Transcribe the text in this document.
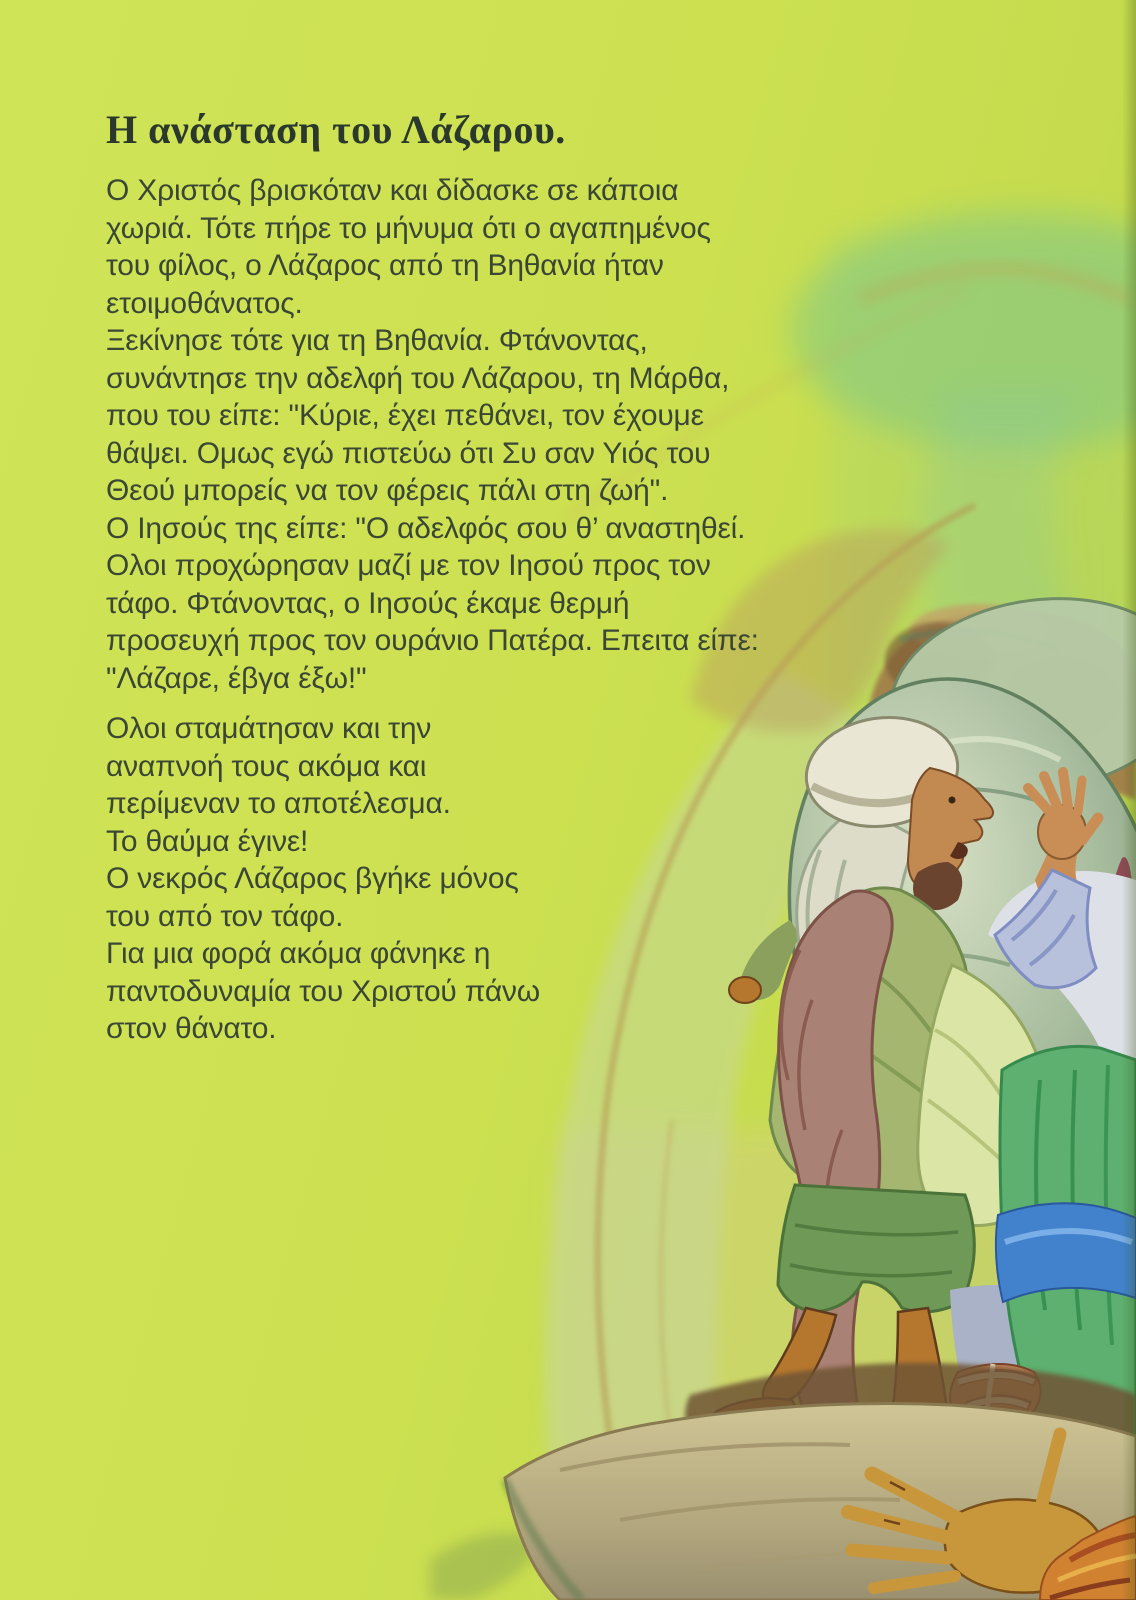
Η ανάσταση του Λάζαρου.

Ο Χριστός βρισκόταν και δίδασκε σε κάποια
χωριά. Τότε πήρε το μήνυμα ότι ο αγαπημένος
του φίλος, ο Λάζαρος από τη Βηθανία ήταν
ετοιμοθάνατος.

Ξεκίνησε τότε για τη Βηθανία. Φτάνοντας,
συνάντησε την αδελφή του Λάζαρου, τη Μάρθα,
που του είπε: "Κύριε, έχει πεθάνει, τον έχουμε
θάψει. Ομως εγώ πιστεύω ότι Συ σαν Υιός του
Θεού μπορείς να τον φέρεις πάλι στη ζωή".
Ο Ιησούς της είπε: "Ο αδελφός σου θ’ αναστηθεί.
Ολοι προχώρησαν μαζί με τον Ιησού προς τον
τάφο. Φτάνοντας, ο Ιησούς έκαμε θερμή
προσευχή προς τον ουράνιο Πατέρα. Επειτα είπε:
"Λάζαρε, έβγα έξω!"

Ολοι σταμάτησαν και την
αναπνοή τους ακόμα και
περίμεναν το αποτέλεσμα.
Το θαύμα έγινε!
Ο νεκρός Λάζαρος βγήκε μόνος
του από τον τάφο.
Για μια φορά ακόμα φάνηκε η
παντοδυναμία του Χριστού πάνω
στον θάνατο.
